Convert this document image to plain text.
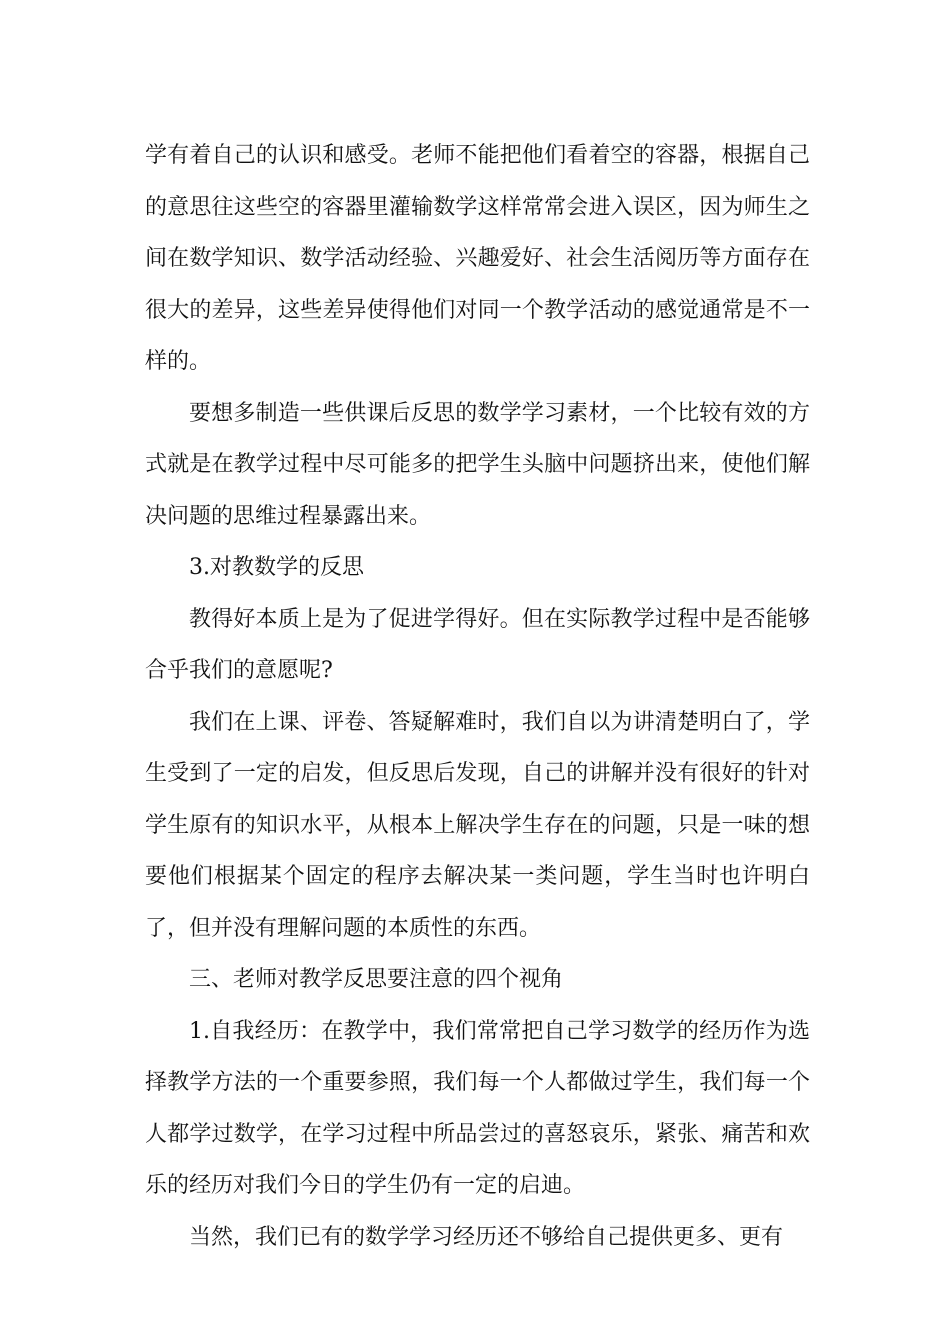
学有着自己的认识和感受。老师不能把他们看着空的容器，根据自己的意思往这些空的容器里灌输数学这样常常会进入误区，因为师生之间在数学知识、数学活动经验、兴趣爱好、社会生活阅历等方面存在很大的差异，这些差异使得他们对同一个教学活动的感觉通常是不一样的。

要想多制造一些供课后反思的数学学习素材，一个比较有效的方式就是在教学过程中尽可能多的把学生头脑中问题挤出来，使他们解决问题的思维过程暴露出来。

3.对教数学的反思

教得好本质上是为了促进学得好。但在实际教学过程中是否能够合乎我们的意愿呢?

我们在上课、评卷、答疑解难时，我们自以为讲清楚明白了，学生受到了一定的启发，但反思后发现，自己的讲解并没有很好的针对学生原有的知识水平，从根本上解决学生存在的问题，只是一味的想要他们根据某个固定的程序去解决某一类问题，学生当时也许明白了，但并没有理解问题的本质性的东西。

三、老师对教学反思要注意的四个视角

1.自我经历：在教学中，我们常常把自己学习数学的经历作为选择教学方法的一个重要参照，我们每一个人都做过学生，我们每一个人都学过数学，在学习过程中所品尝过的喜怒哀乐，紧张、痛苦和欢乐的经历对我们今日的学生仍有一定的启迪。

当然，我们已有的数学学习经历还不够给自己提供更多、更有
